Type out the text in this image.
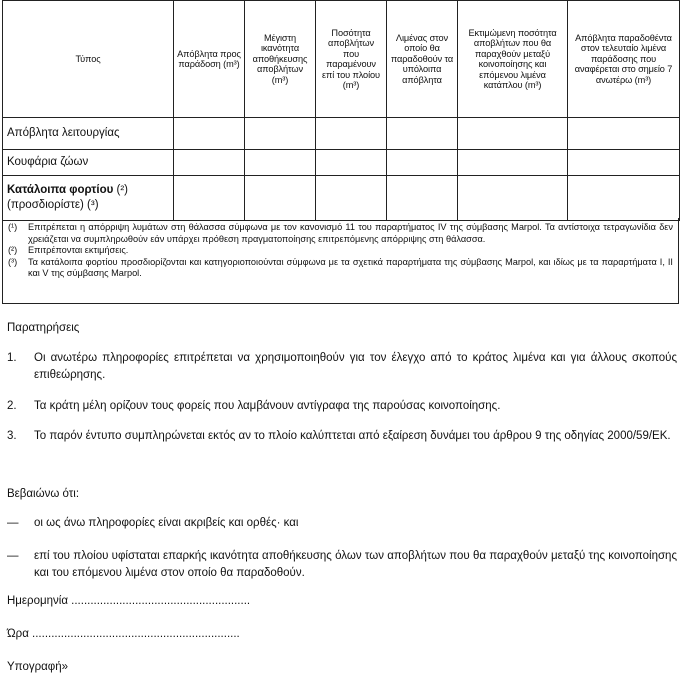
Τύπος	Απόβλητα προς παράδοση (m³)	Μέγιστη ικανότητα αποθήκευσης αποβλήτων (m³)	Ποσότητα αποβλήτων που παραμένουν επί του πλοίου (m³)	Λιμένας στον οποίο θα παραδοθούν τα υπόλοιπα απόβλητα	Εκτιμώμενη ποσότητα αποβλήτων που θα παραχθούν μεταξύ κοινοποίησης και επόμενου λιμένα κατάπλου (m³)	Απόβλητα παραδοθέντα στον τελευταίο λιμένα παράδοσης που αναφέρεται στο σημείο 7 ανωτέρω (m³)
Απόβλητα λειτουργίας						
Κουφάρια ζώων						
Κατάλοιπα φορτίου (²) (προσδιορίστε) (³)						
(¹)	Επιτρέπεται η απόρριψη λυμάτων στη θάλασσα σύμφωνα με τον κανονισμό 11 του παραρτήματος IV της σύμβασης Marpol. Τα αντίστοιχα τετραγωνίδια δεν χρειάζεται να συμπληρωθούν εάν υπάρχει πρόθεση πραγματοποίησης επιτρεπόμενης απόρριψης στη θάλασσα.
(²)	Επιτρέπονται εκτιμήσεις.
(³)	Τα κατάλοιπα φορτίου προσδιορίζονται και κατηγοριοποιούνται σύμφωνα με τα σχετικά παραρτήματα της σύμβασης Marpol, και ιδίως με τα παραρτήματα I, II και V της σύμβασης Marpol.
Παρατηρήσεις
1.	Οι ανωτέρω πληροφορίες επιτρέπεται να χρησιμοποιηθούν για τον έλεγχο από το κράτος λιμένα και για άλλους σκοπούς επιθεώρησης.
2.	Τα κράτη μέλη ορίζουν τους φορείς που λαμβάνουν αντίγραφα της παρούσας κοινοποίησης.
3.	Το παρόν έντυπο συμπληρώνεται εκτός αν το πλοίο καλύπτεται από εξαίρεση δυνάμει του άρθρου 9 της οδηγίας 2000/59/ΕΚ.
Βεβαιώνω ότι:
—	οι ως άνω πληροφορίες είναι ακριβείς και ορθές· και
—	επί του πλοίου υφίσταται επαρκής ικανότητα αποθήκευσης όλων των αποβλήτων που θα παραχθούν μεταξύ της κοινοποίησης και του επόμενου λιμένα στον οποίο θα παραδοθούν.
Ημερομηνία ........................................................
Ώρα .................................................................
Υπογραφή»
